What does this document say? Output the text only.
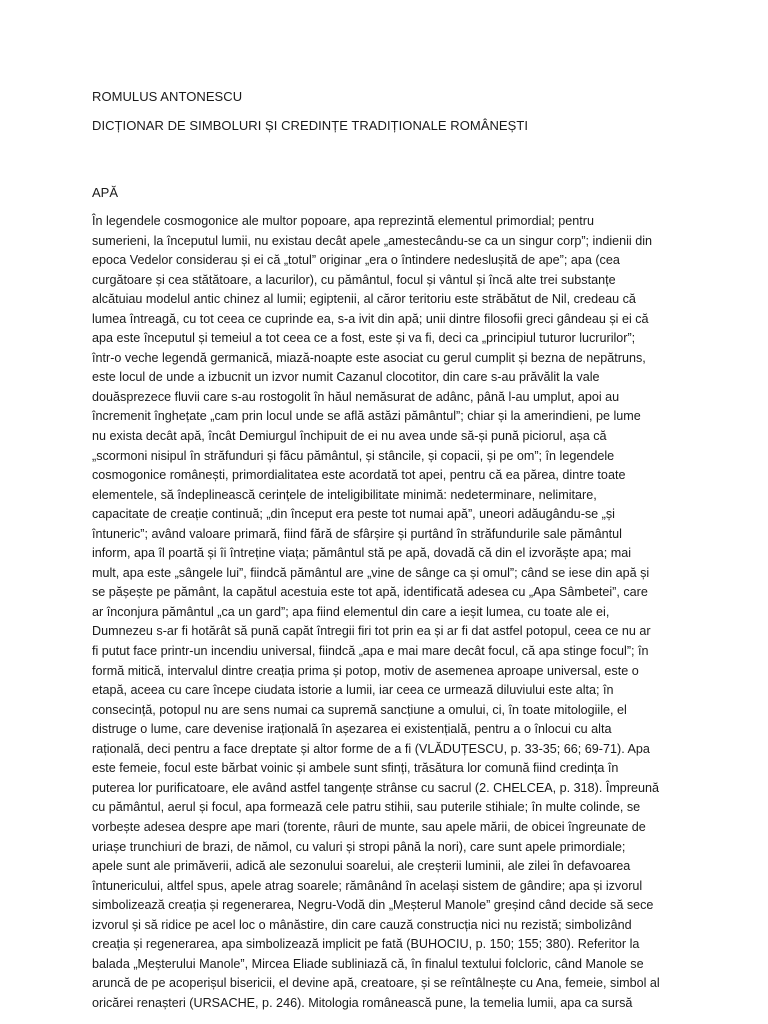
ROMULUS ANTONESCU

DICȚIONAR DE SIMBOLURI ȘI CREDINȚE TRADIȚIONALE ROMÂNEȘTI

APĂ

În legendele cosmogonice ale multor popoare, apa reprezintă elementul primordial; pentru
sumerieni, la începutul lumii, nu existau decât apele „amestecându-se ca un singur corp”; indienii din
epoca Vedelor considerau și ei că „totul” originar „era o întindere nedeslușită de ape”; apa (cea
curgătoare și cea stătătoare, a lacurilor), cu pământul, focul și vântul și încă alte trei substanțe
alcătuiau modelul antic chinez al lumii; egiptenii, al căror teritoriu este străbătut de Nil, credeau că
lumea întreagă, cu tot ceea ce cuprinde ea, s-a ivit din apă; unii dintre filosofii greci gândeau și ei că
apa este începutul și temeiul a tot ceea ce a fost, este și va fi, deci ca „principiul tuturor lucrurilor”;
într-o veche legendă germanică, miază-noapte este asociat cu gerul cumplit și bezna de nepătruns,
este locul de unde a izbucnit un izvor numit Cazanul clocotitor, din care s-au prăvălit la vale
douăsprezece fluvii care s-au rostogolit în hăul nemăsurat de adânc, până l-au umplut, apoi au
încremenit înghețate „cam prin locul unde se află astăzi pământul”; chiar și la amerindieni, pe lume
nu exista decât apă, încât Demiurgul închipuit de ei nu avea unde să-și pună piciorul, așa că
„scormoni nisipul în străfunduri și făcu pământul, și stâncile, și copacii, și pe om”; în legendele
cosmogonice românești, primordialitatea este acordată tot apei, pentru că ea părea, dintre toate
elementele, să îndeplinească cerințele de inteligibilitate minimă: nedeterminare, nelimitare,
capacitate de creație continuă; „din început era peste tot numai apă”, uneori adăugându-se „și
întuneric”; având valoare primară, fiind fără de sfârșire și purtând în străfundurile sale pământul
inform, apa îl poartă și îi întreține viața; pământul stă pe apă, dovadă că din el izvorăște apa; mai
mult, apa este „sângele lui”, fiindcă pământul are „vine de sânge ca și omul”; când se iese din apă și
se pășește pe pământ, la capătul acestuia este tot apă, identificată adesea cu „Apa Sâmbetei”, care
ar înconjura pământul „ca un gard”; apa fiind elementul din care a ieșit lumea, cu toate ale ei,
Dumnezeu s-ar fi hotărât să pună capăt întregii firi tot prin ea și ar fi dat astfel potopul, ceea ce nu ar
fi putut face printr-un incendiu universal, fiindcă „apa e mai mare decât focul, că apa stinge focul”; în
formă mitică, intervalul dintre creația prima și potop, motiv de asemenea aproape universal, este o
etapă, aceea cu care începe ciudata istorie a lumii, iar ceea ce urmează diluviului este alta; în
consecință, potopul nu are sens numai ca supremă sancțiune a omului, ci, în toate mitologiile, el
distruge o lume, care devenise irațională în așezarea ei existențială, pentru a o înlocui cu alta
rațională, deci pentru a face dreptate și altor forme de a fi (VLĂDUȚESCU, p. 33-35; 66; 69-71). Apa
este femeie, focul este bărbat voinic și ambele sunt sfinți, trăsătura lor comună fiind credința în
puterea lor purificatoare, ele având astfel tangențe strânse cu sacrul (2. CHELCEA, p. 318). Împreună
cu pământul, aerul și focul, apa formează cele patru stihii, sau puterile stihiale; în multe colinde, se
vorbește adesea despre ape mari (torente, râuri de munte, sau apele mării, de obicei îngreunate de
uriașe trunchiuri de brazi, de nămol, cu valuri și stropi până la nori), care sunt apele primordiale;
apele sunt ale primăverii, adică ale sezonului soarelui, ale creșterii luminii, ale zilei în defavoarea
întunericului, altfel spus, apele atrag soarele; rămânând în același sistem de gândire; apa și izvorul
simbolizează creația și regenerarea, Negru-Vodă din „Meșterul Manole” greșind când decide să sece
izvorul și să ridice pe acel loc o mânăstire, din care cauză construcția nici nu rezistă; simbolizând
creația și regenerarea, apa simbolizează implicit pe fată (BUHOCIU, p. 150; 155; 380). Referitor la
balada „Meșterului Manole”, Mircea Eliade subliniază că, în finalul textului folcloric, când Manole se
aruncă de pe acoperișul bisericii, el devine apă, creatoare, și se reîntâlnește cu Ana, femeie, simbol al
oricărei renașteri (URSACHE, p. 246). Mitologia românească pune, la temelia lumii, apa ca sursă
